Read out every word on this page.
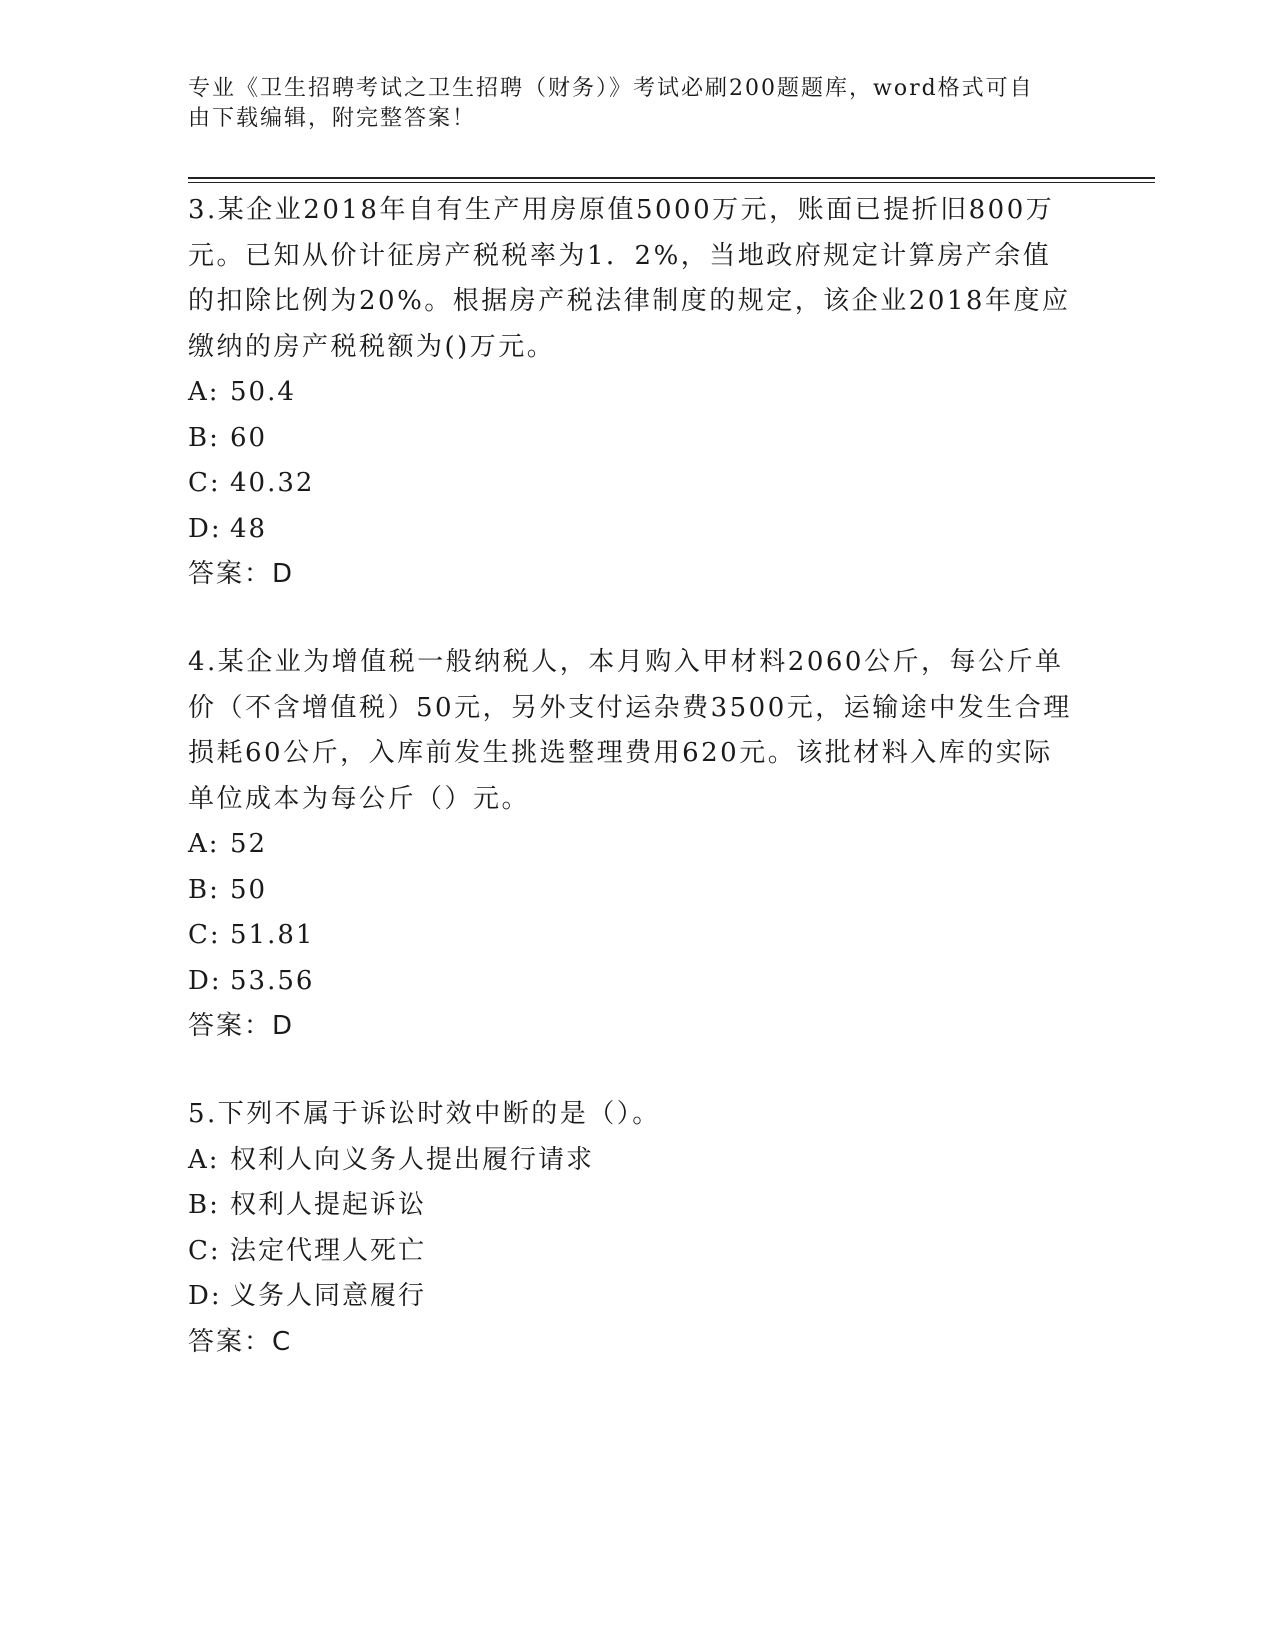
专业《卫生招聘考试之卫生招聘（财务）》考试必刷200题题库，word格式可自
由下载编辑，附完整答案！

3.某企业2018年自有生产用房原值5000万元，账面已提折旧800万

元。已知从价计征房产税税率为1．2%，当地政府规定计算房产余值

的扣除比例为20%。根据房产税法律制度的规定，该企业2018年度应

缴纳的房产税税额为()万元。

A: 50.4

B: 60

C: 40.32

D: 48

答案：D

4.某企业为增值税一般纳税人，本月购入甲材料2060公斤，每公斤单

价（不含增值税）50元，另外支付运杂费3500元，运输途中发生合理

损耗60公斤，入库前发生挑选整理费用620元。该批材料入库的实际

单位成本为每公斤（）元。

A: 52

B: 50

C: 51.81

D: 53.56

答案：D

5.下列不属于诉讼时效中断的是（）。

A: 权利人向义务人提出履行请求

B: 权利人提起诉讼

C: 法定代理人死亡

D: 义务人同意履行

答案：C
